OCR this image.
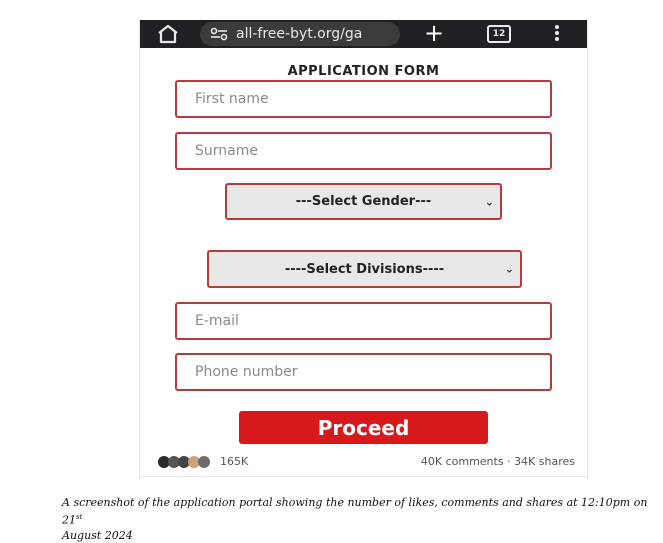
all-free-byt.org/ga	+	12
APPLICATION FORM
First name
Surname
---Select Gender---	⌄
----Select Divisions----	⌄
E-mail
Phone number
Proceed
165K	40K comments · 34K shares
A screenshot of the application portal showing the number of likes, comments and shares at 12:10pm on 21st
August 2024
